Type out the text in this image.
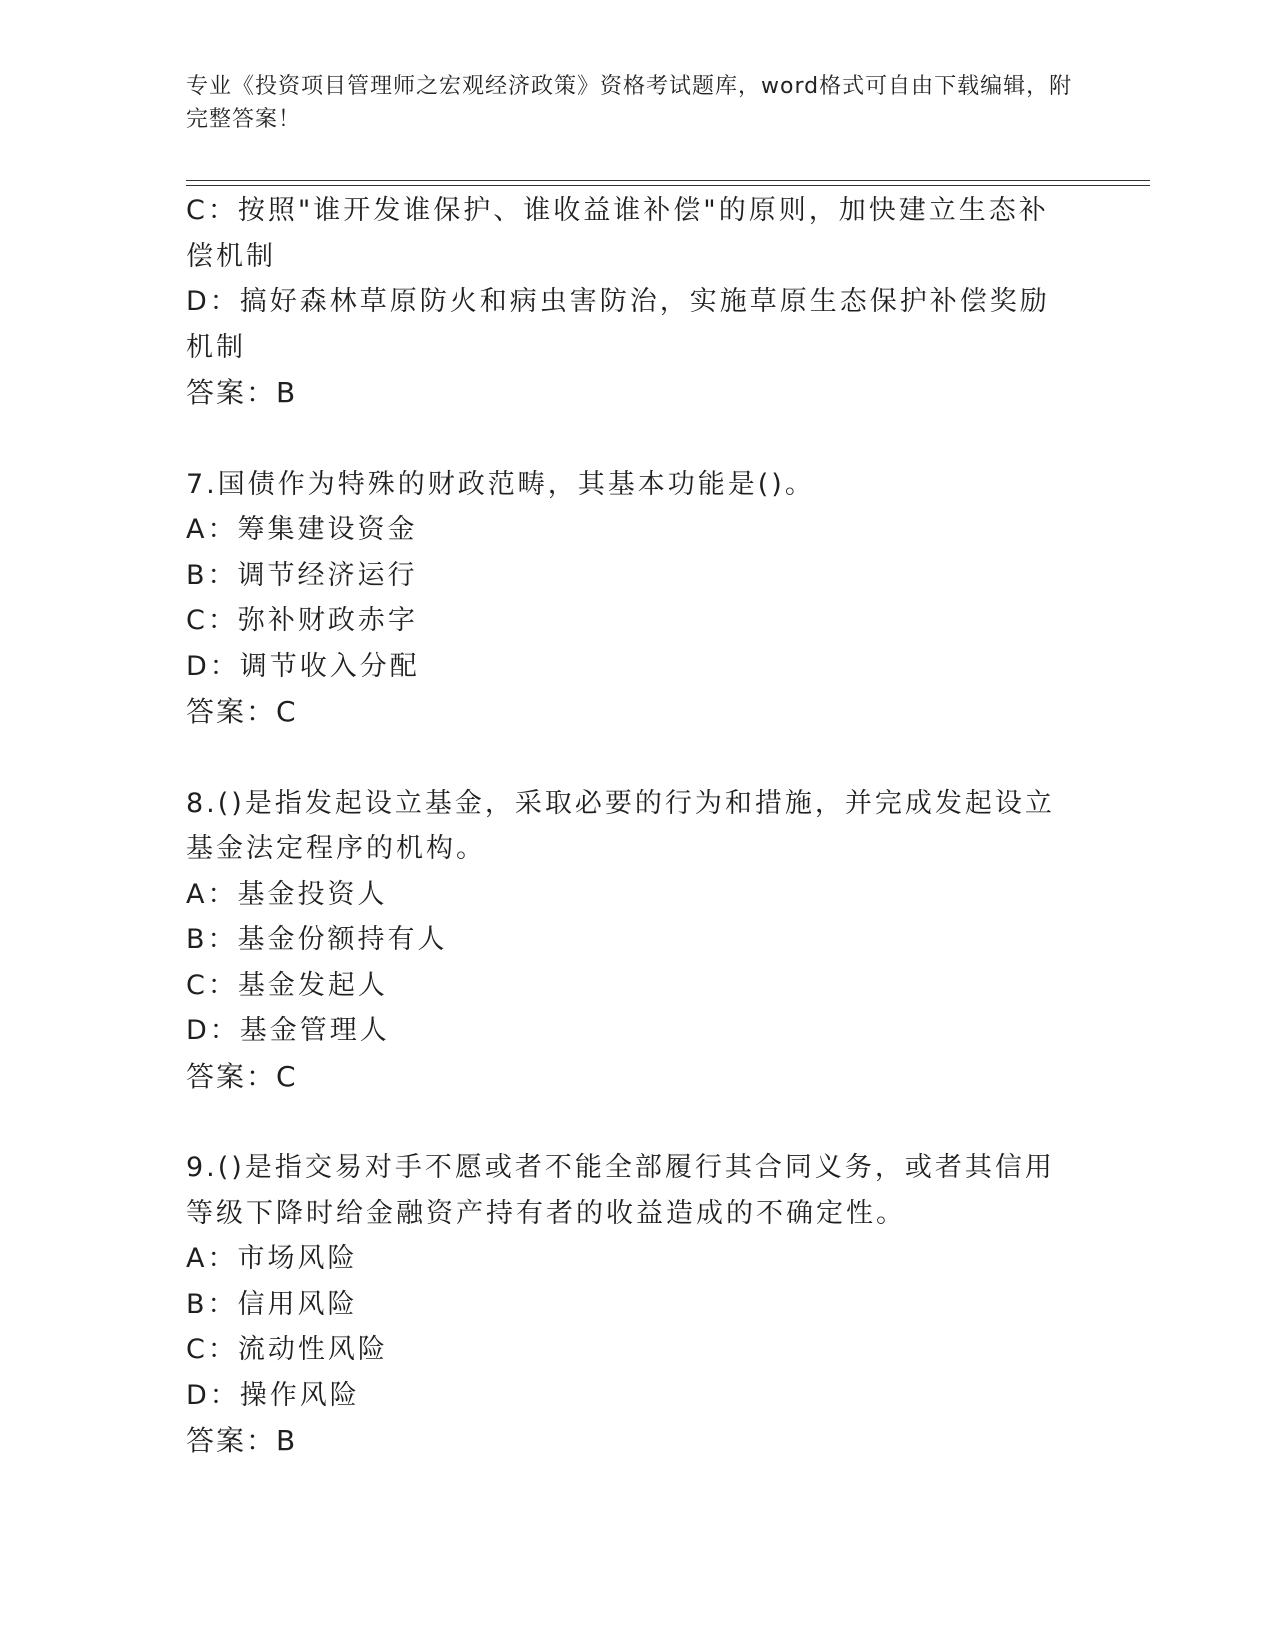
专业《投资项目管理师之宏观经济政策》资格考试题库，word格式可自由下载编辑，附完整答案！
C：按照"谁开发谁保护、谁收益谁补偿"的原则，加快建立生态补偿机制
D：搞好森林草原防火和病虫害防治，实施草原生态保护补偿奖励机制
答案：B
7.国债作为特殊的财政范畴，其基本功能是()。
A：筹集建设资金
B：调节经济运行
C：弥补财政赤字
D：调节收入分配
答案：C
8.()是指发起设立基金，采取必要的行为和措施，并完成发起设立基金法定程序的机构。
A：基金投资人
B：基金份额持有人
C：基金发起人
D：基金管理人
答案：C
9.()是指交易对手不愿或者不能全部履行其合同义务，或者其信用等级下降时给金融资产持有者的收益造成的不确定性。
A：市场风险
B：信用风险
C：流动性风险
D：操作风险
答案：B
